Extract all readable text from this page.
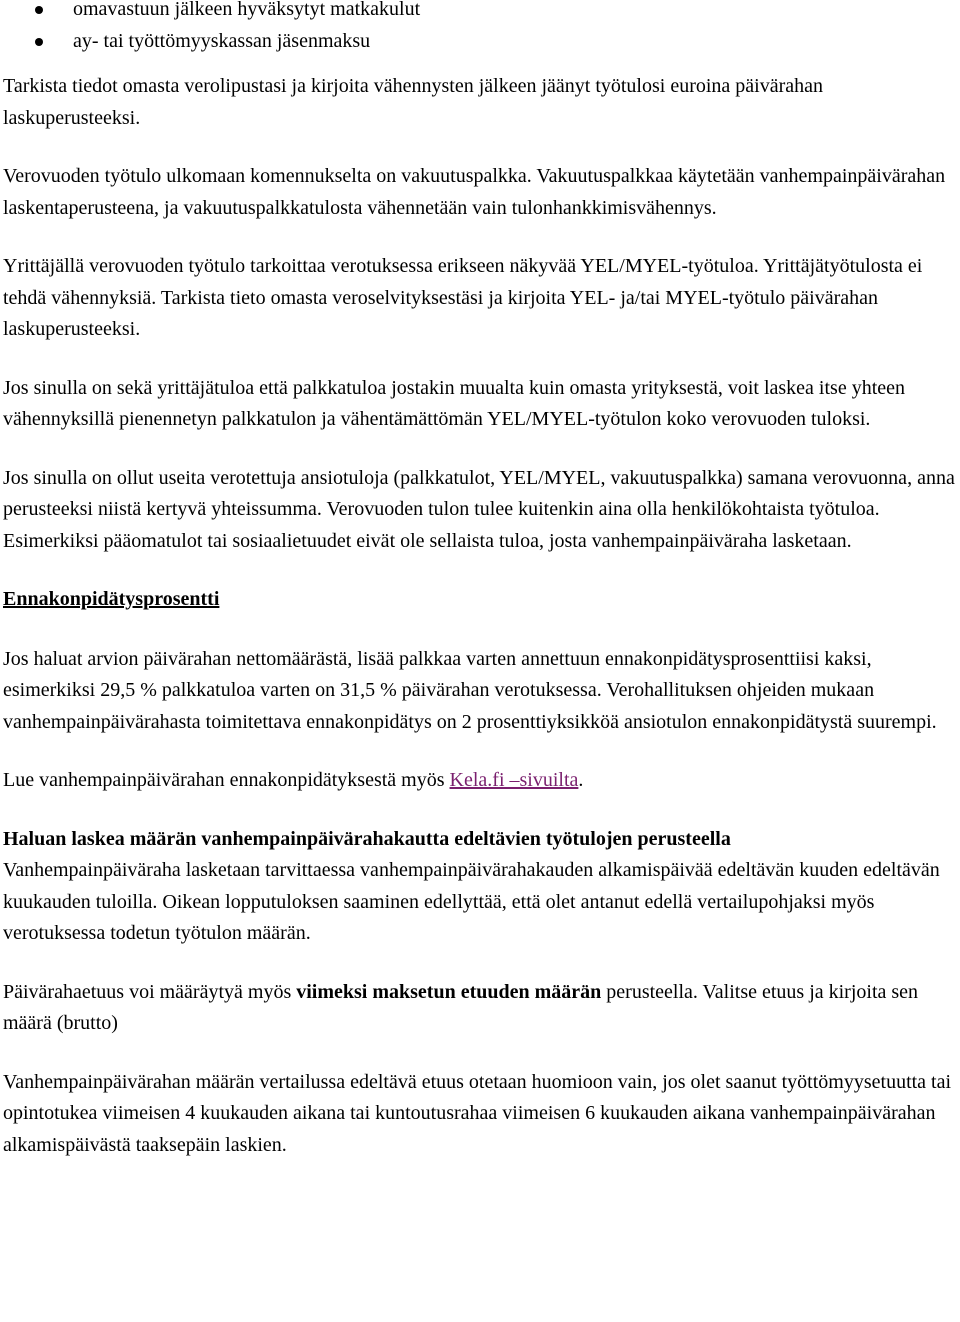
omavastuun jälkeen hyväksytyt matkakulut
ay- tai työttömyyskassan jäsenmaksu

Tarkista tiedot omasta verolipustasi ja kirjoita vähennysten jälkeen jäänyt työtulosi euroina päivärahan laskuperusteeksi.

Verovuoden työtulo ulkomaan komennukselta on vakuutuspalkka. Vakuutuspalkkaa käytetään vanhempainpäivärahan laskentaperusteena, ja vakuutuspalkkatulosta vähennetään vain tulonhankkimisvähennys.

Yrittäjällä verovuoden työtulo tarkoittaa verotuksessa erikseen näkyvää YEL/MYEL-työtuloa. Yrittäjätyötulosta ei tehdä vähennyksiä. Tarkista tieto omasta veroselvityksestäsi ja kirjoita YEL- ja/tai MYEL-työtulo päivärahan laskuperusteeksi.

Jos sinulla on sekä yrittäjätuloa että palkkatuloa jostakin muualta kuin omasta yrityksestä, voit laskea itse yhteen vähennyksillä pienennetyn palkkatulon ja vähentämättömän YEL/MYEL-työtulon koko verovuoden tuloksi.

Jos sinulla on ollut useita verotettuja ansiotuloja (palkkatulot, YEL/MYEL, vakuutuspalkka) samana verovuonna, anna perusteeksi niistä kertyvä yhteissumma. Verovuoden tulon tulee kuitenkin aina olla henkilökohtaista työtuloa. Esimerkiksi pääomatulot tai sosiaalietuudet eivät ole sellaista tuloa, josta vanhempainpäiväraha lasketaan.

Ennakonpidätysprosentti

Jos haluat arvion päivärahan nettomäärästä, lisää palkkaa varten annettuun ennakonpidätysprosenttiisi kaksi, esimerkiksi 29,5 % palkkatuloa varten on 31,5 % päivärahan verotuksessa. Verohallituksen ohjeiden mukaan vanhempainpäivärahasta toimitettava ennakonpidätys on 2 prosenttiyksikköä ansiotulon ennakonpidätystä suurempi.

Lue vanhempainpäivärahan ennakonpidätyksestä myös Kela.fi –sivuilta.

Haluan laskea määrän vanhempainpäivärahakautta edeltävien työtulojen perusteella
Vanhempainpäiväraha lasketaan tarvittaessa vanhempainpäivärahakauden alkamispäivää edeltävän kuuden edeltävän kuukauden tuloilla. Oikean lopputuloksen saaminen edellyttää, että olet antanut edellä vertailupohjaksi myös verotuksessa todetun työtulon määrän.

Päivärahaetuus voi määräytyä myös viimeksi maksetun etuuden määrän perusteella. Valitse etuus ja kirjoita sen määrä (brutto)

Vanhempainpäivärahan määrän vertailussa edeltävä etuus otetaan huomioon vain, jos olet saanut työttömyysetuutta tai opintotukea viimeisen 4 kuukauden aikana tai kuntoutusrahaa viimeisen 6 kuukauden aikana vanhempainpäivärahan alkamispäivästä taaksepäin laskien.
